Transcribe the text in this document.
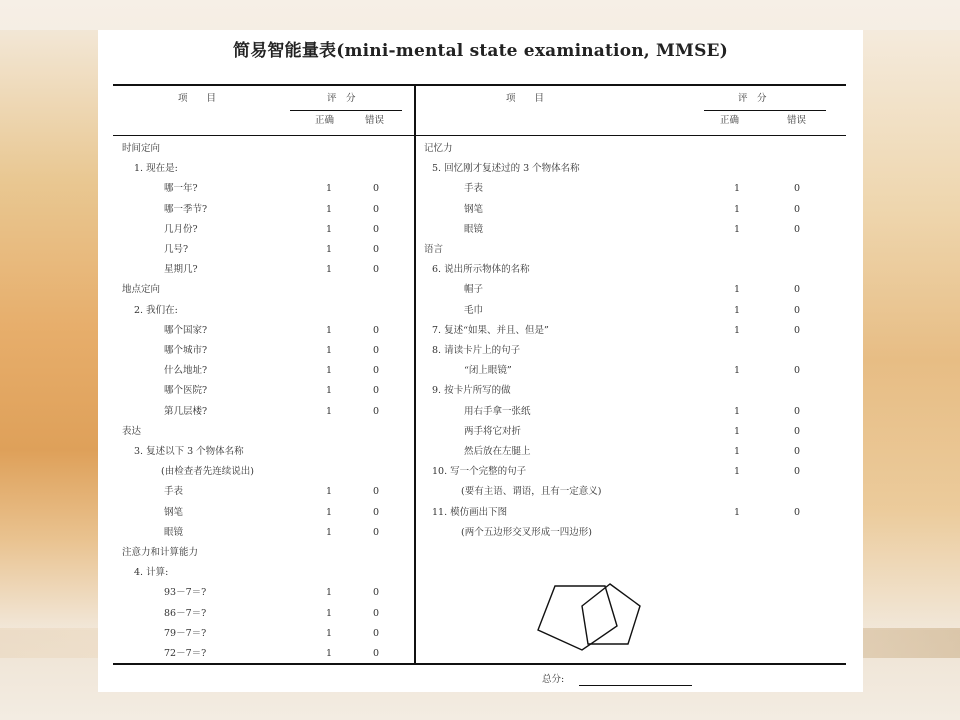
简易智能量表(mini-mental state examination, MMSE)
项　　目	评　分
正确	错误
项　　目	评　分
正确	错误
时间定向
1. 现在是:
哪一年?	1	0
哪一季节?	1	0
几月份?	1	0
几号?	1	0
星期几?	1	0
地点定向
2. 我们在:
哪个国家?	1	0
哪个城市?	1	0
什么地址?	1	0
哪个医院?	1	0
第几层楼?	1	0
表达
3. 复述以下 3 个物体名称
(由检查者先连续说出)
手表	1	0
钢笔	1	0
眼镜	1	0
注意力和计算能力
4. 计算:
93－7＝?	1	0
86－7＝?	1	0
79－7＝?	1	0
72－7＝?	1	0
记忆力
5. 回忆刚才复述过的 3 个物体名称
手表	1	0
钢笔	1	0
眼镜	1	0
语言
6. 说出所示物体的名称
帽子	1	0
毛巾	1	0
7. 复述“如果、并且、但是”	1	0
8. 请读卡片上的句子
“闭上眼镜”	1	0
9. 按卡片所写的做
用右手拿一张纸	1	0
两手将它对折	1	0
然后放在左腿上	1	0
10. 写一个完整的句子	1	0
(要有主语、谓语，且有一定意义)
11. 模仿画出下图	1	0
(两个五边形交叉形成一四边形)
总分:
